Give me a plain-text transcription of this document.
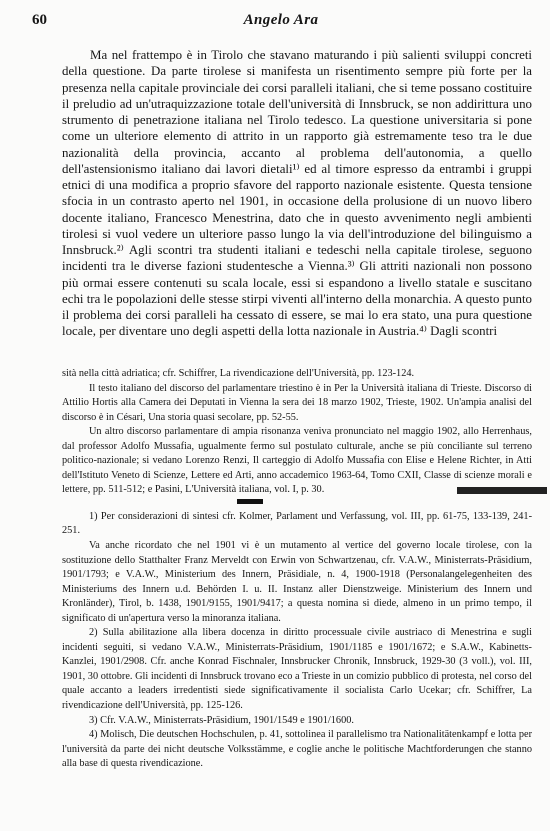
60	Angelo Ara

Ma nel frattempo è in Tirolo che stavano maturando i più salienti sviluppi concreti della questione. Da parte tirolese si manifesta un risentimento sempre più forte per la presenza nella capitale provinciale dei corsi paralleli italiani, che si teme possano costituire il preludio ad un'utraquizzazione totale dell'università di Innsbruck, se non addirittura uno strumento di penetrazione italiana nel Tirolo tedesco. La questione universitaria si pone come un ulteriore elemento di attrito in un rapporto già estremamente teso tra le due nazionalità della provincia, accanto al problema dell'autonomia, a quello dell'astensionismo italiano dai lavori dietali¹⁾ ed al timore espresso da entrambi i gruppi etnici di una modifica a proprio sfavore del rapporto nazionale esistente. Questa tensione sfocia in un contrasto aperto nel 1901, in occasione della prolusione di un nuovo libero docente italiano, Francesco Menestrina, dato che in questo avvenimento negli ambienti tirolesi si vuol vedere un ulteriore passo lungo la via dell'introduzione del bilinguismo a Innsbruck.²⁾ Agli scontri tra studenti italiani e tedeschi nella capitale tirolese, seguono incidenti tra le diverse fazioni studentesche a Vienna.³⁾ Gli attriti nazionali non possono più ormai essere contenuti su scala locale, essi si espandono a livello statale e suscitano echi tra le popolazioni delle stesse stirpi viventi all'interno della monarchia. A questo punto il problema dei corsi paralleli ha cessato di essere, se mai lo era stato, una pura questione locale, per diventare uno degli aspetti della lotta nazionale in Austria.⁴⁾ Dagli scontri

sità nella città adriatica; cfr. Schiffrer, La rivendicazione dell'Università, pp. 123-124.

Il testo italiano del discorso del parlamentare triestino è in Per la Università italiana di Trieste. Discorso di Attilio Hortis alla Camera dei Deputati in Vienna la sera dei 18 marzo 1902, Trieste, 1902. Un'ampia analisi del discorso è in Césari, Una storia quasi secolare, pp. 52-55.

Un altro discorso parlamentare di ampia risonanza veniva pronunciato nel maggio 1902, allo Herrenhaus, dal professor Adolfo Mussafia, ugualmente fermo sul postulato culturale, anche se più conciliante sul terreno politico-nazionale; si vedano Lorenzo Renzi, Il carteggio di Adolfo Mussafia con Elise e Helene Richter, in Atti dell'Istituto Veneto di Scienze, Lettere ed Arti, anno accademico 1963-64, Tomo CXII, Classe di scienze morali e lettere, pp. 511-512; e Pasini, L'Università italiana, vol. I, p. 30.

1) Per considerazioni di sintesi cfr. Kolmer, Parlament und Verfassung, vol. III, pp. 61-75, 133-139, 241-251.

Va anche ricordato che nel 1901 vi è un mutamento al vertice del governo locale tirolese, con la sostituzione dello Statthalter Franz Merveldt con Erwin von Schwartzenau, cfr. V.A.W., Ministerrats-Präsidium, 1901/1793; e V.A.W., Ministerium des Innern, Präsidiale, n. 4, 1900-1918 (Personalangelegenheiten des Ministeriums des Innern u.d. Behörden I. u. II. Instanz aller Dienstzweige. Ministerium des Innern und Kronländer), Tirol, b. 1438, 1901/9155, 1901/9417; a questa nomina si diede, almeno in un primo tempo, il significato di un'apertura verso la minoranza italiana.

2) Sulla abilitazione alla libera docenza in diritto processuale civile austriaco di Menestrina e sugli incidenti seguiti, si vedano V.A.W., Ministerrats-Präsidium, 1901/1185 e 1901/1672; e S.A.W., Kabinetts-Kanzlei, 1901/2908. Cfr. anche Konrad Fischnaler, Innsbrucker Chronik, Innsbruck, 1929-30 (3 voll.), vol. III, 1901, 30 ottobre. Gli incidenti di Innsbruck trovano eco a Trieste in un comizio pubblico di protesta, nel corso del quale accanto a leaders irredentisti siede significativamente il socialista Carlo Ucekar; cfr. Schiffrer, La rivendicazione dell'Università, pp. 125-126.

3) Cfr. V.A.W., Ministerrats-Präsidium, 1901/1549 e 1901/1600.

4) Molisch, Die deutschen Hochschulen, p. 41, sottolinea il parallelismo tra Nationalitätenkampf e lotta per l'università da parte dei nicht deutsche Volksstämme, e coglie anche le politische Machtforderungen che stanno alla base di questa rivendicazione.
